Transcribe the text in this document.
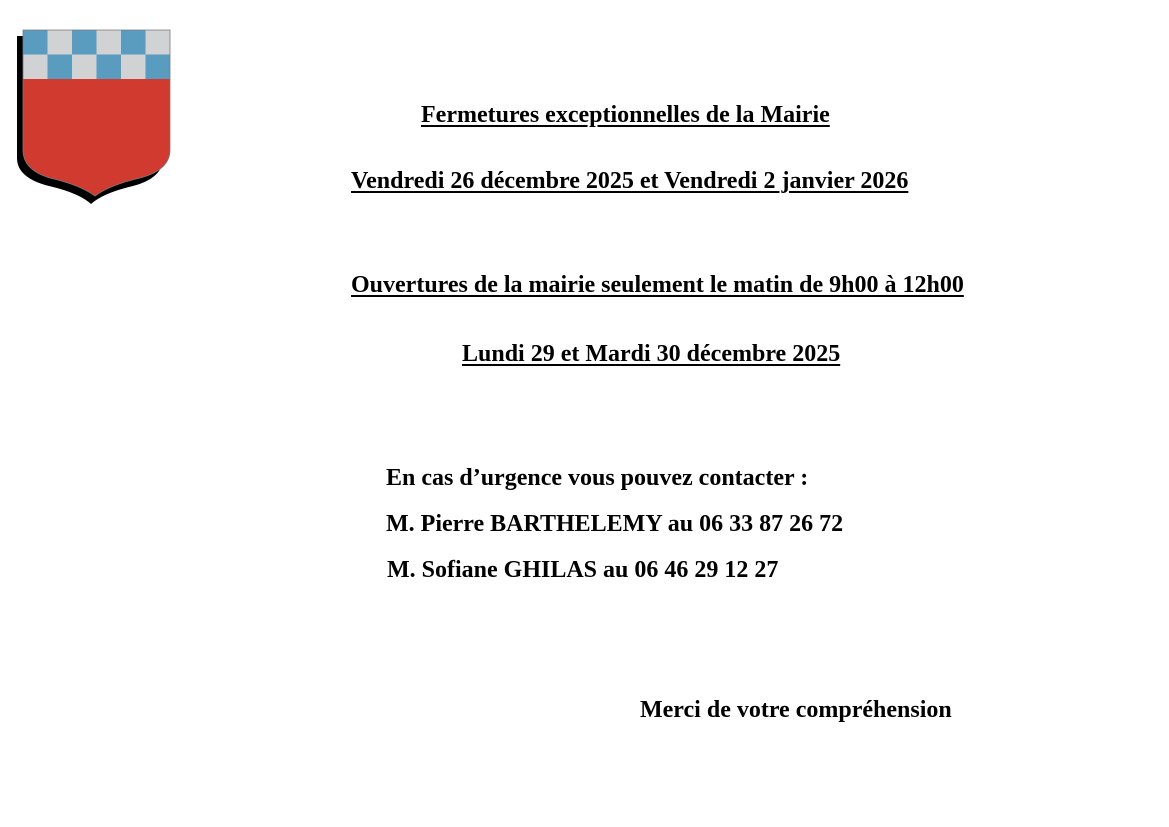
Fermetures exceptionnelles de la Mairie
Vendredi 26 décembre 2025 et Vendredi 2 janvier 2026
Ouvertures de la mairie seulement le matin de 9h00 à 12h00
Lundi 29 et Mardi 30 décembre 2025
En cas d’urgence vous pouvez contacter :
M. Pierre BARTHELEMY au 06 33 87 26 72
M. Sofiane GHILAS au 06 46 29 12 27
Merci de votre compréhension
